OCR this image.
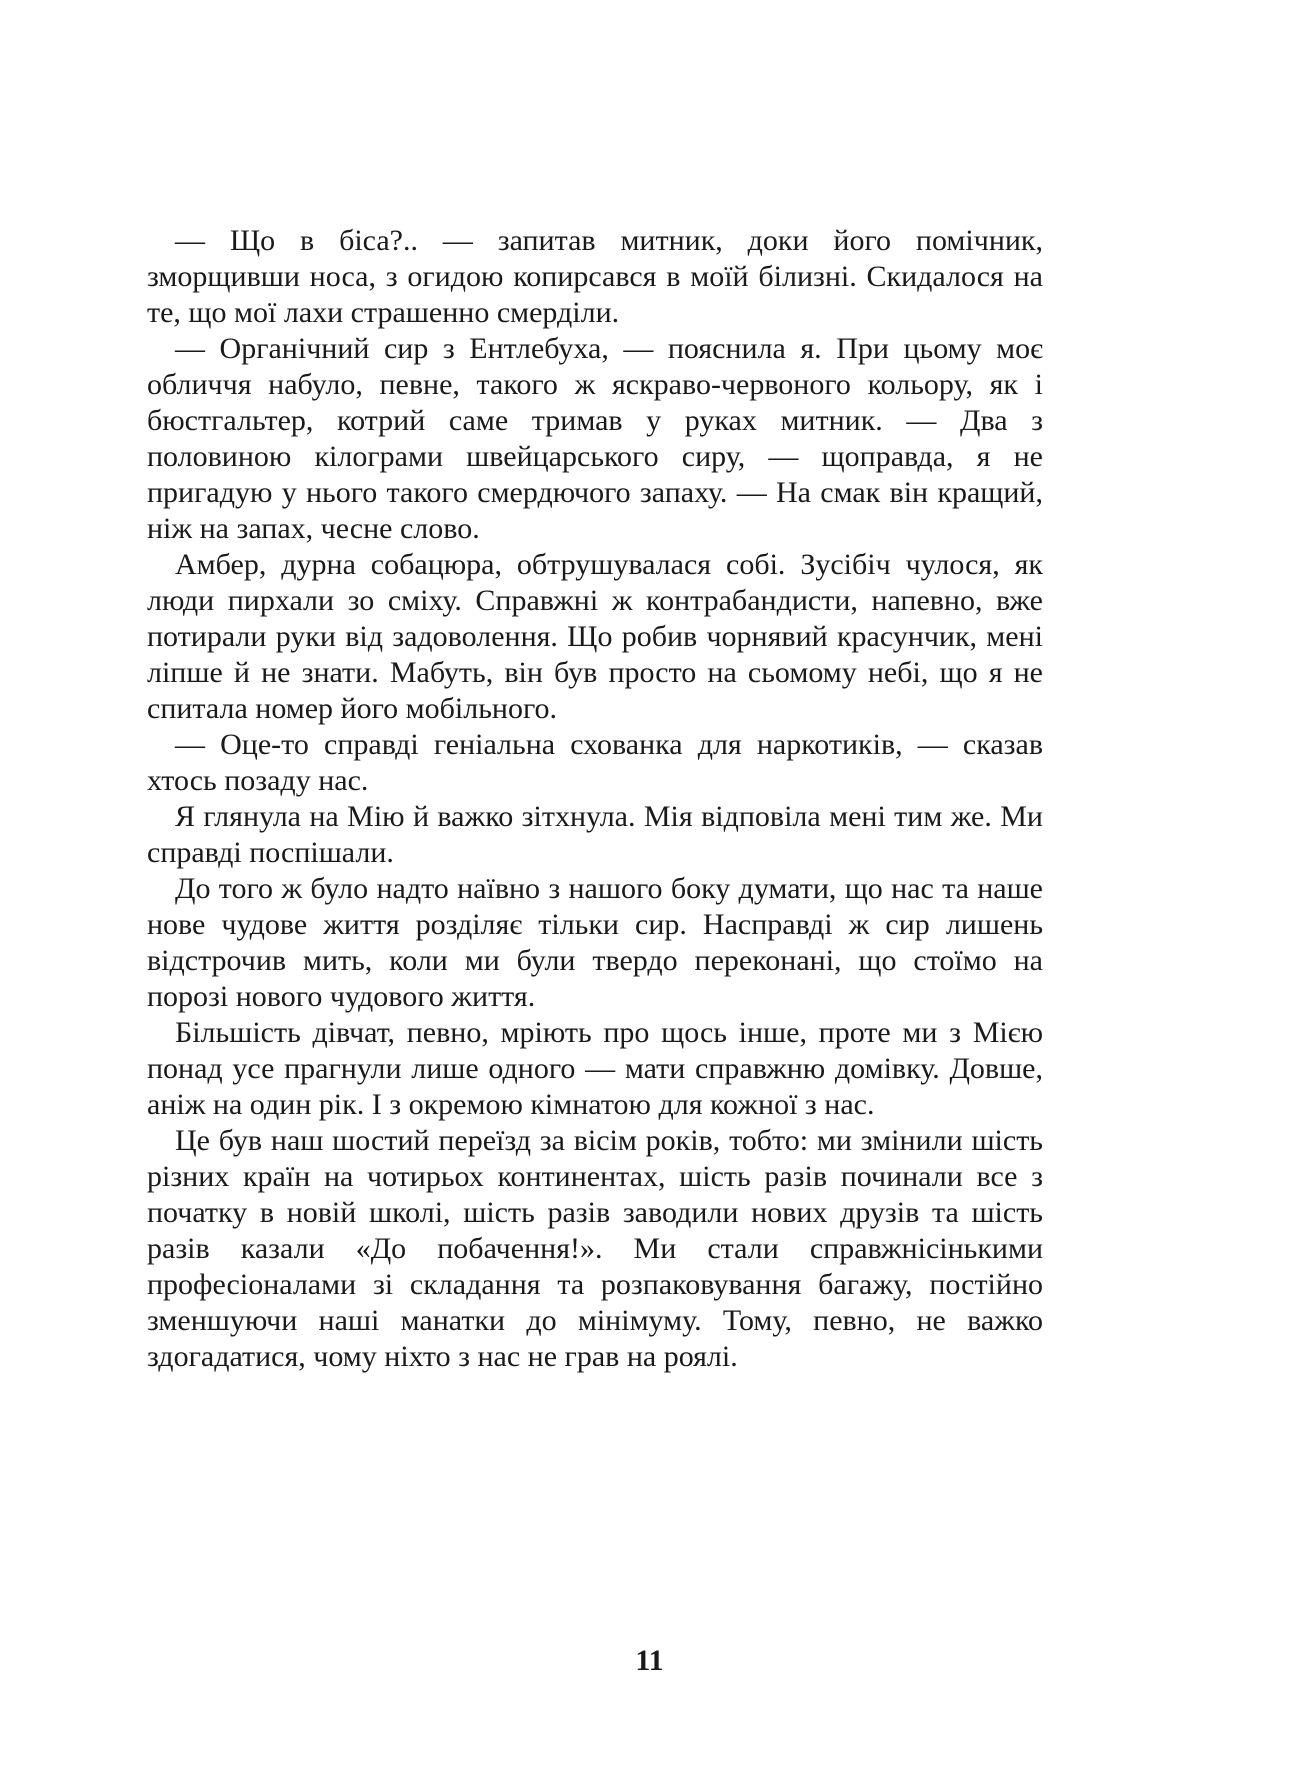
— Що в біса?.. — запитав митник, доки його помічник, зморщивши носа, з огидою копирсався в моїй білизні. Скидалося на те, що мої лахи страшенно смерділи.

— Органічний сир з Ентлебуха, — пояснила я. При цьому моє обличчя набуло, певне, такого ж яскраво-червоного кольору, як і бюстгальтер, котрий саме тримав у руках митник. — Два з половиною кілограми швейцарського сиру, — щоправда, я не пригадую у нього такого смердючого запаху. — На смак він кращий, ніж на запах, чесне слово.

Амбер, дурна собацюра, обтрушувалася собі. Зусібіч чулося, як люди пирхали зо сміху. Справжні ж контрабандисти, напевно, вже потирали руки від задоволення. Що робив чорнявий красунчик, мені ліпше й не знати. Мабуть, він був просто на сьомому небі, що я не спитала номер його мобільного.

— Оце-то справді геніальна схованка для наркотиків, — сказав хтось позаду нас.

Я глянула на Мію й важко зітхнула. Мія відповіла мені тим же. Ми справді поспішали.

До того ж було надто наївно з нашого боку думати, що нас та наше нове чудове життя розділяє тільки сир. Насправді ж сир лишень відстрочив мить, коли ми були твердо переконані, що стоїмо на порозі нового чудового життя.

Більшість дівчат, певно, мріють про щось інше, проте ми з Мією понад усе прагнули лише одного — мати справжню домівку. Довше, аніж на один рік. І з окремою кімнатою для кожної з нас.

Це був наш шостий переїзд за вісім років, тобто: ми змінили шість різних країн на чотирьох континентах, шість разів починали все з початку в новій школі, шість разів заводили нових друзів та шість разів казали «До побачення!». Ми стали справжнісінькими професіоналами зі складання та розпаковування багажу, постійно зменшуючи наші манатки до мінімуму. Тому, певно, не важко здогадатися, чому ніхто з нас не грав на роялі.

11
